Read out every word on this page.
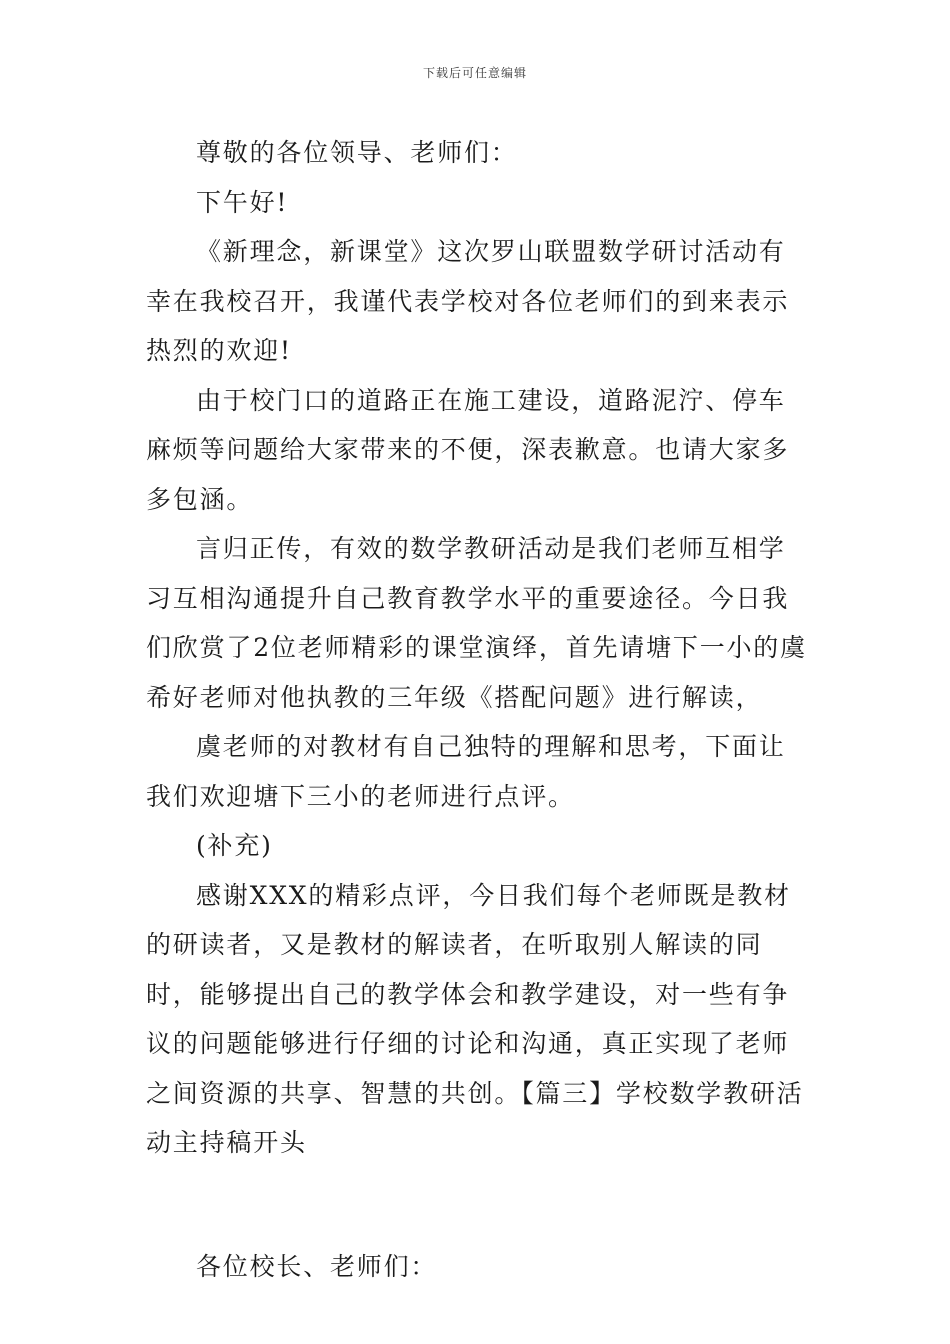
下载后可任意编辑

尊敬的各位领导、老师们：

下午好!

《新理念，新课堂》这次罗山联盟数学研讨活动有幸在我校召开，我谨代表学校对各位老师们的到来表示热烈的欢迎!

由于校门口的道路正在施工建设，道路泥泞、停车麻烦等问题给大家带来的不便，深表歉意。也请大家多多包涵。

言归正传，有效的数学教研活动是我们老师互相学习互相沟通提升自己教育教学水平的重要途径。今日我们欣赏了2位老师精彩的课堂演绎，首先请塘下一小的虞希好老师对他执教的三年级《搭配问题》进行解读，

虞老师的对教材有自己独特的理解和思考，下面让我们欢迎塘下三小的老师进行点评。

(补充)

感谢XXX的精彩点评，今日我们每个老师既是教材的研读者，又是教材的解读者，在听取别人解读的同时，能够提出自己的教学体会和教学建设，对一些有争议的问题能够进行仔细的讨论和沟通，真正实现了老师之间资源的共享、智慧的共创。【篇三】学校数学教研活动主持稿开头

各位校长、老师们：
